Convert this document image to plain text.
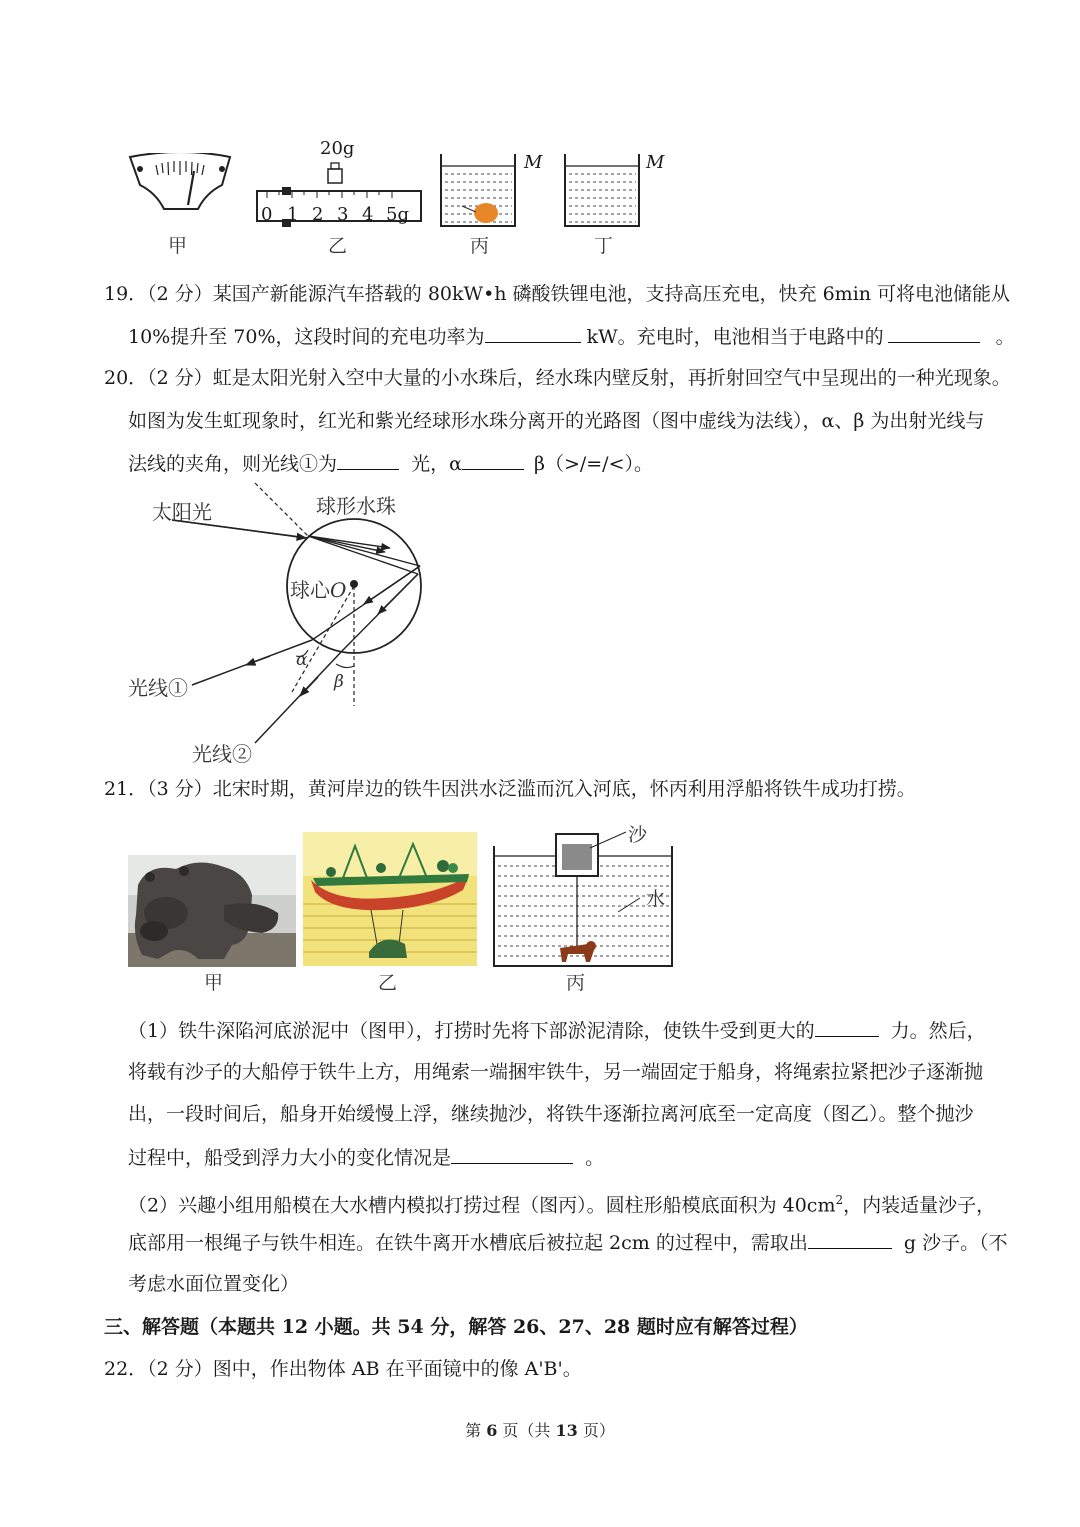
甲
20g
0 1 2 3 4 5g
乙
M
丙
M
丁
19．（2 分）某国产新能源汽车搭载的 80kW•h 磷酸铁锂电池，支持高压充电，快充 6min 可将电池储能从
10%提升至 70%，这段时间的充电功率为	kW。充电时，电池相当于电路中的	。
20．（2 分）虹是太阳光射入空中大量的小水珠后，经水珠内壁反射，再折射回空气中呈现出的一种光现象。
如图为发生虹现象时，红光和紫光经球形水珠分离开的光路图（图中虚线为法线），α、β 为出射光线与
法线的夹角，则光线①为	光，α	β（>/=/<）。
太阳光	球形水珠
球心O
光线①
光线②
α
β
21．（3 分）北宋时期，黄河岸边的铁牛因洪水泛滥而沉入河底，怀丙利用浮船将铁牛成功打捞。
甲	乙
沙
水
丙
（1）铁牛深陷河底淤泥中（图甲），打捞时先将下部淤泥清除，使铁牛受到更大的	力。然后，
将载有沙子的大船停于铁牛上方，用绳索一端捆牢铁牛，另一端固定于船身，将绳索拉紧把沙子逐渐抛
出，一段时间后，船身开始缓慢上浮，继续抛沙，将铁牛逐渐拉离河底至一定高度（图乙）。整个抛沙
过程中，船受到浮力大小的变化情况是	。
（2）兴趣小组用船模在大水槽内模拟打捞过程（图丙）。圆柱形船模底面积为 $40cm^2$，内装适量沙子，
底部用一根绳子与铁牛相连。在铁牛离开水槽底后被拉起 2cm 的过程中，需取出	g 沙子。（不
考虑水面位置变化）
三、解答题（本题共 12 小题。共 54 分，解答 26、27、28 题时应有解答过程）
22．（2 分）图中，作出物体 AB 在平面镜中的像 A'B'。
第 6 页（共 13 页）
